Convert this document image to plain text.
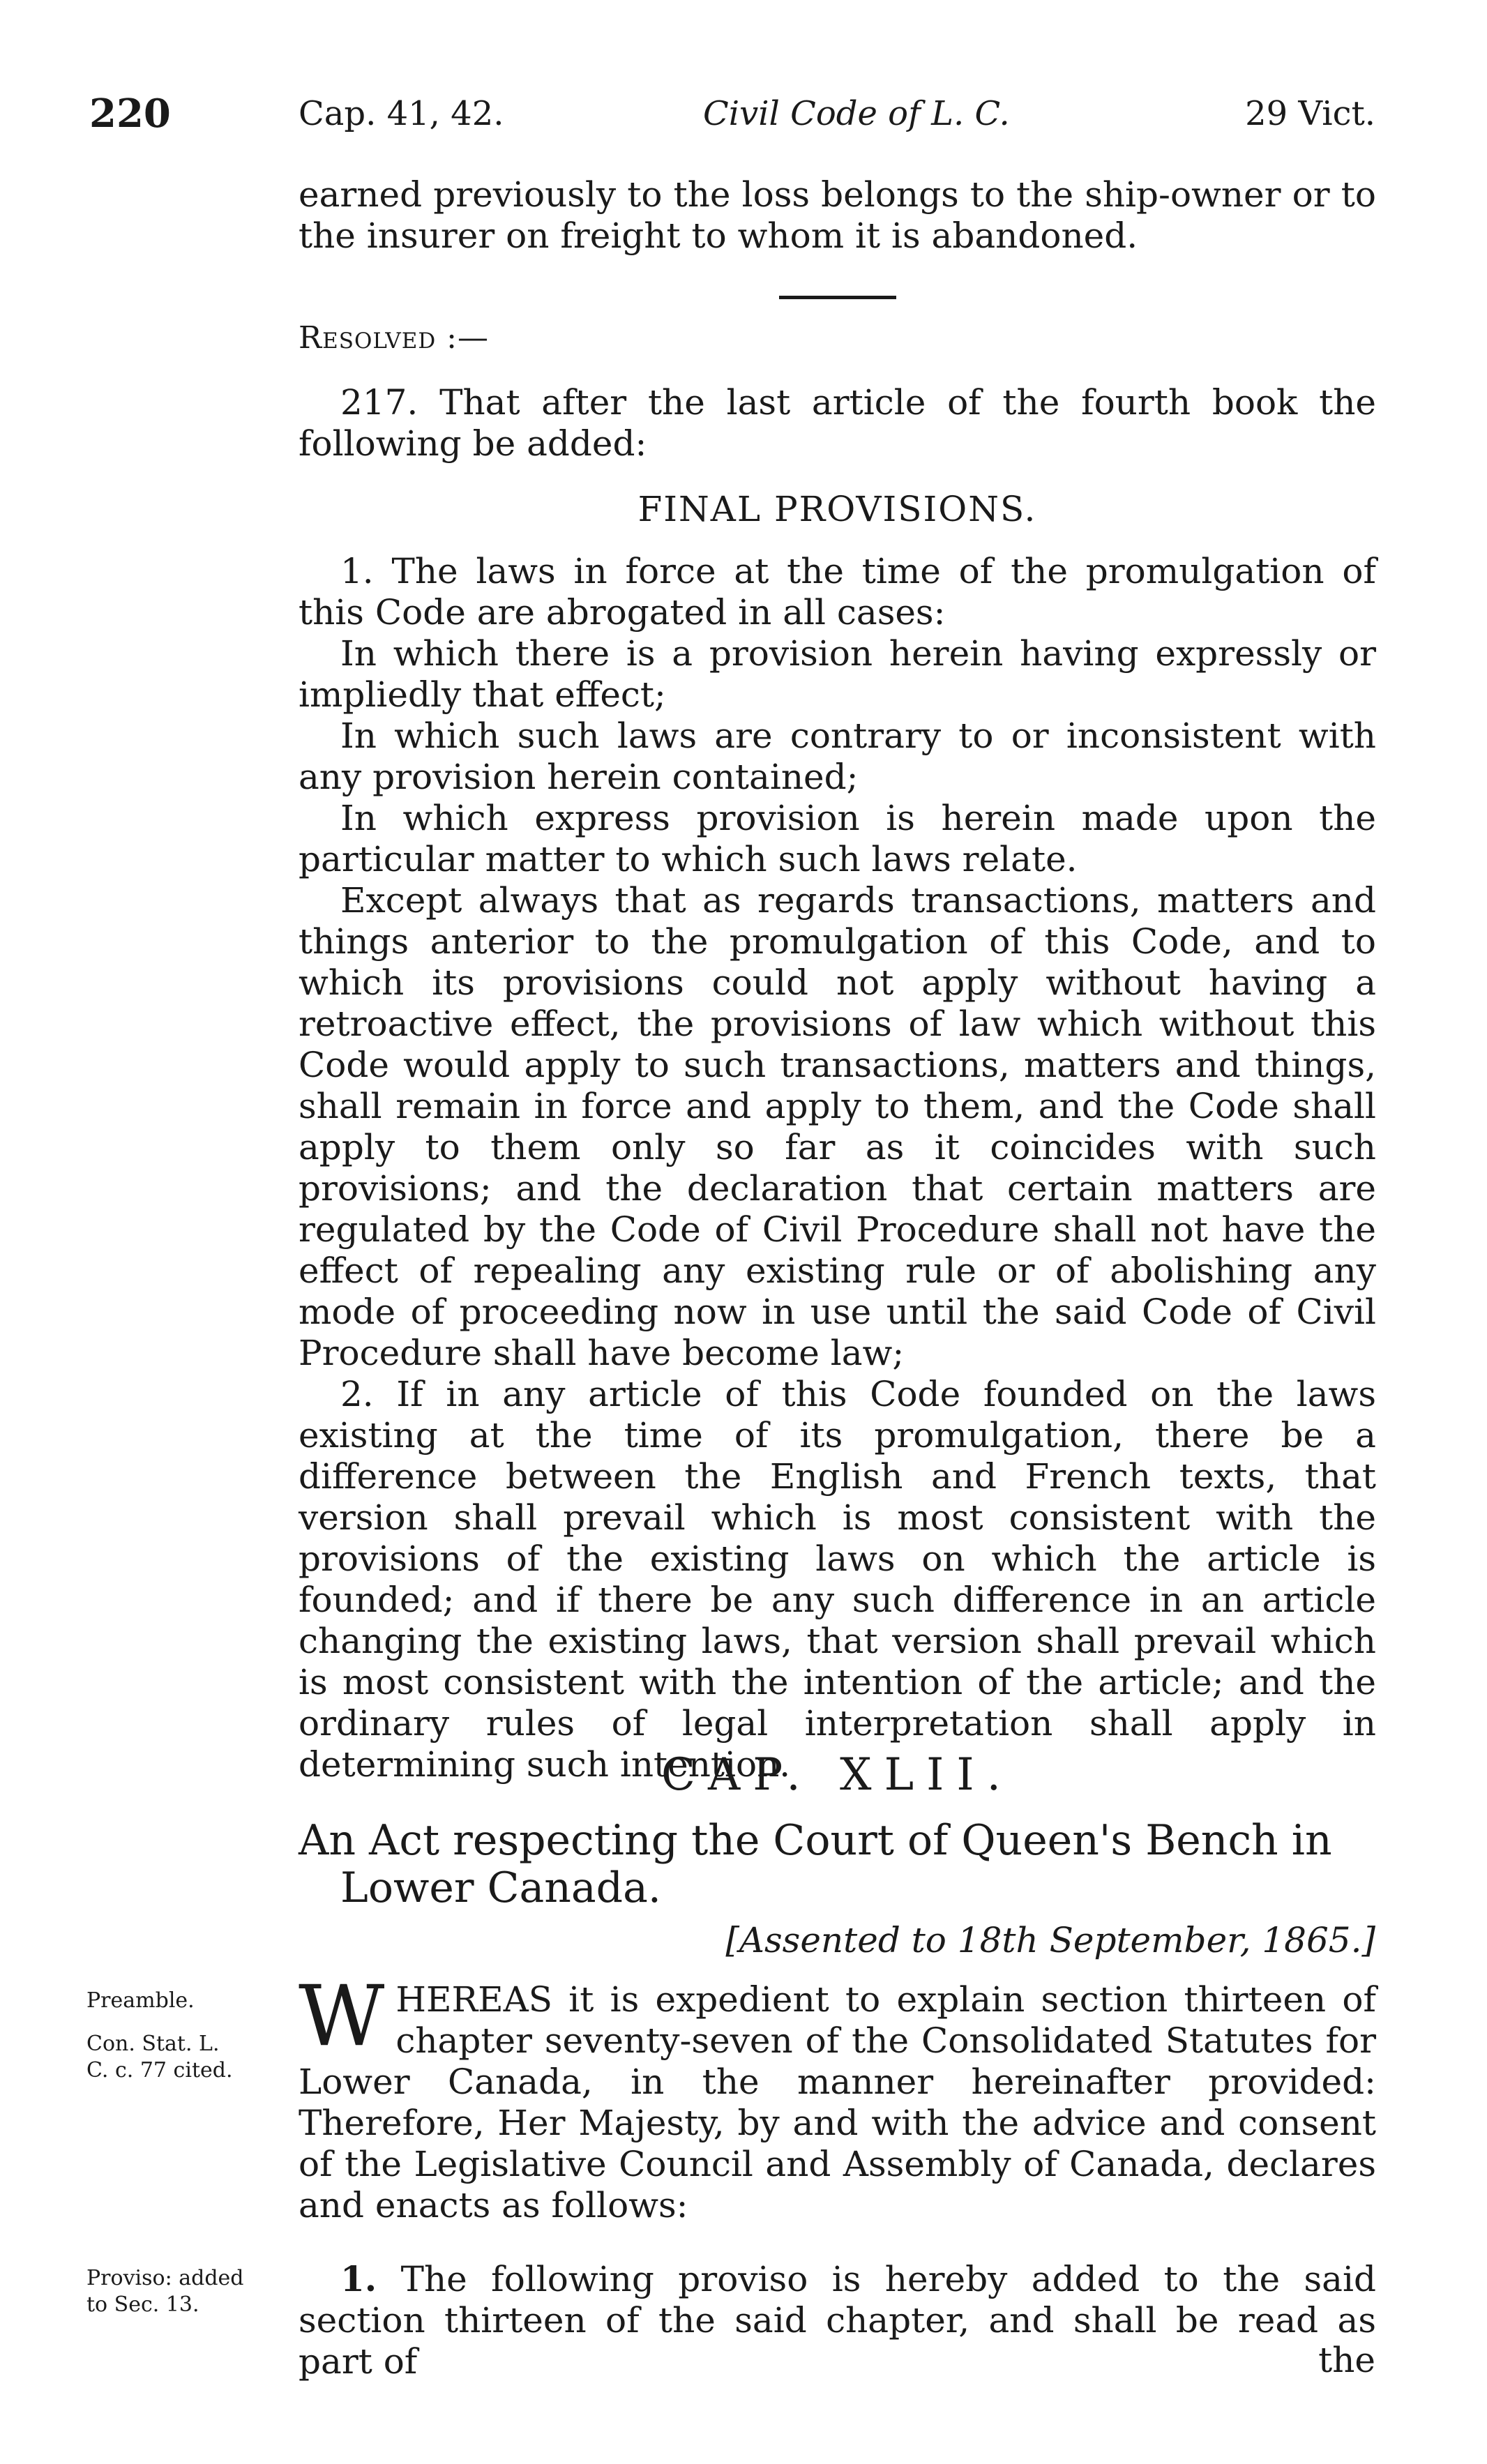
220	Cap. 41, 42.	Civil Code of L. C.	29 Vict.

earned previously to the loss belongs to the ship-owner or to the insurer on freight to whom it is abandoned.

Resolved :—

217. That after the last article of the fourth book the following be added:

FINAL PROVISIONS.

1. The laws in force at the time of the promulgation of this Code are abrogated in all cases:

In which there is a provision herein having expressly or impliedly that effect;

In which such laws are contrary to or inconsistent with any provision herein contained;

In which express provision is herein made upon the particular matter to which such laws relate.

Except always that as regards transactions, matters and things anterior to the promulgation of this Code, and to which its provisions could not apply without having a retroactive effect, the provisions of law which without this Code would apply to such transactions, matters and things, shall remain in force and apply to them, and the Code shall apply to them only so far as it coincides with such provisions; and the declaration that certain matters are regulated by the Code of Civil Procedure shall not have the effect of repealing any existing rule or of abolishing any mode of proceeding now in use until the said Code of Civil Procedure shall have become law;

2. If in any article of this Code founded on the laws existing at the time of its promulgation, there be a difference between the English and French texts, that version shall prevail which is most consistent with the provisions of the existing laws on which the article is founded; and if there be any such difference in an article changing the existing laws, that version shall prevail which is most consistent with the intention of the article; and the ordinary rules of legal interpretation shall apply in determining such intention.

CAP. XLII.
An Act respecting the Court of Queen's Bench in
Lower Canada.
[Assented to 18th September, 1865.]
Preamble.
Con. Stat. L.
C. c. 77 cited.
Proviso: added
to Sec. 13.
W HEREAS it is expedient to explain section thirteen of chapter seventy-seven of the Consolidated Statutes for Lower Canada, in the manner hereinafter provided: Therefore, Her Majesty, by and with the advice and consent of the Legislative Council and Assembly of Canada, declares and enacts as follows:

1. The following proviso is hereby added to the said section thirteen of the said chapter, and shall be read as part of	the
